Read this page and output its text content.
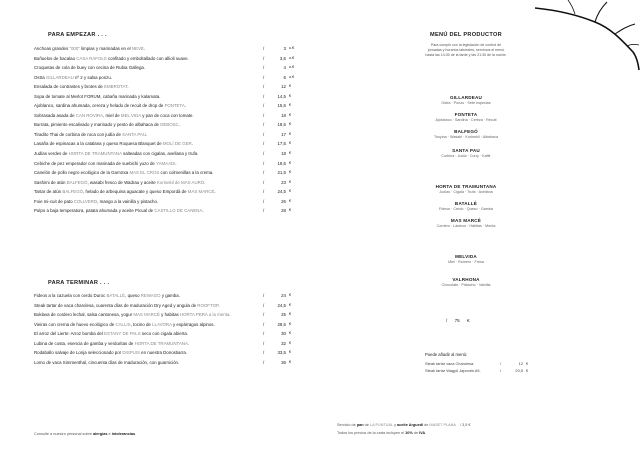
PARA EMPEZAR . . .
Anchoas grandes "000" limpias y marinadas en el NEVE.	/	3 u.€
Buñuelos de bacalao CASA RÀFOLS confitado y emboltallado con allioli suave.	/	3,5 u.€
Croquetas de cola de buey con cecina de Rubia Gallega.	/	4 u.€
Ostra GILLARDEAU nº 2 y salsa ponzu.	/	6 u.€
Ensalada de contrastes y brotes de EMBROTAT.	/	12 €
Sopa de tomate al Merlot FORUM, cabaña marinada y kalamata.	/	14,5 €
Ajoblanco, sardina ahumada, cereza y helado de recuit de drop de FONTETA.	/	15,5 €
Sobrasada asada de CAN ROVIRA, miel de MEL VIDA y pan de coca con tomate.	/	18 €
Burrata, pimiento escalivado y marinado y pesto de albahaca de DEBOSC.	/	18,5 €
Tiradito Thai de corbina de roca con judía de SANTA PAU.	/	17 €
Lasaña de espinacas a la catalana y queso Roquesa Blanquet de MOLÍ DE GER.	/	17,5 €
Judías verdes de HORTA DE TRAMUNTANA salteadas con cigalas, avellana y trufa.	/	18 €
Cebiche de pez emperador con marinada de suebichi yuzo de YAMAADI.	/	19,5 €
Canelón de pollo negro ecológico de la Garrotxa MAS EL CROS con colmenillas a la crema.	/	21,5 €
Sashimi de atún BALFEGÓ, wasabi fresco de Wadrau y aceite Korinekil de MAS AURÓ.	/	23 €
Tartar de atún BALFEGÓ, helado de arbequina aguacate y queso Empordà de MAS MARCÉ.	/	24,5 €
Foie mi-cuit de pato COLLVERD, mango a la vainilla y pistacho.	/	26 €
Pulpo a baja temperatura, patata ahumada y aceite Picual de CASTILLO DE CANENA.	/	28 €
PARA TERMINAR . . .
Fideos a la cazuela con cerdo Duroc BATALLÉ, queso REWAGO y gamba.	/	24 €
Steak tartar de vaca charolesa, cuarenta días de maduración Dry Aged y angula de ROOFTOP.	/	24,5 €
Boklava de cordero lechal, salsa cantonesa, yogur MAS MARCÉ y habitas HORTA PERA a la menta.	/	25 €
Vieiras con crema de huevo ecológico de CALLIS, tocino de LLAVORA y espárragos alpinos.	/	28,5 €
El arroz del Lierte: Arroz bomba del ESTANY DE PALS seco con cigala abierta.	/	30 €
Lubina de costa, esencia de gamba y verduritas de HORTA DE TRAMUNTANA.	/	32 €
Rodaballo salvaje de Lonja seleccionado por DISPUIS en nuestra Donostiarra.	/	33,5 €
Lomo de vaca Simmenthal, cincuenta días de maduración, con guarnición.	/	36 €
MENÚ DEL PRODUCTOR
Para cumplir con la legislación de control de
jornadas y horarios laborales, servimos el menú
hasta las 14:30 de la tarde y las 21:30 de la noche.
GILLARDEAU
Ostra · Ponzu · Sete especias
FONTETA
Ajoblanco · Sardina · Cereza · Recuit
BALFEGÓ
Tonyina · Wasabi · Korinekil · Albahaca
SANTA PAU
Corbina · Judía · Curry · Kaffir
HORTA DE TRAMUNTANA
Judías · Cigala · Trufa · Avellana
BATALLÉ
Fideos · Cerdo · Queso · Gamba
MAS MARCÉ
Cordero · Lácteos · Habitas · Menta
MELVIDA
Miel · Romero · Fresa
VALRHONA
Chocolate · Pistacho · Vainilla
/ 75 €
Puede añadir al menú:
Steak tartar vaca Charolesa.	/	12 €
Steak tartar Wagyū Japonés A5.	/	20,5 €
Consulte a nuestro personal sobre alergias e intolerancias.
Servicio de pan de LA PUNTUAL y aceite Arguedl de MASET PLANA / 3,5 €
Todos los precios de la carta incluyen el 10% de IVA.
